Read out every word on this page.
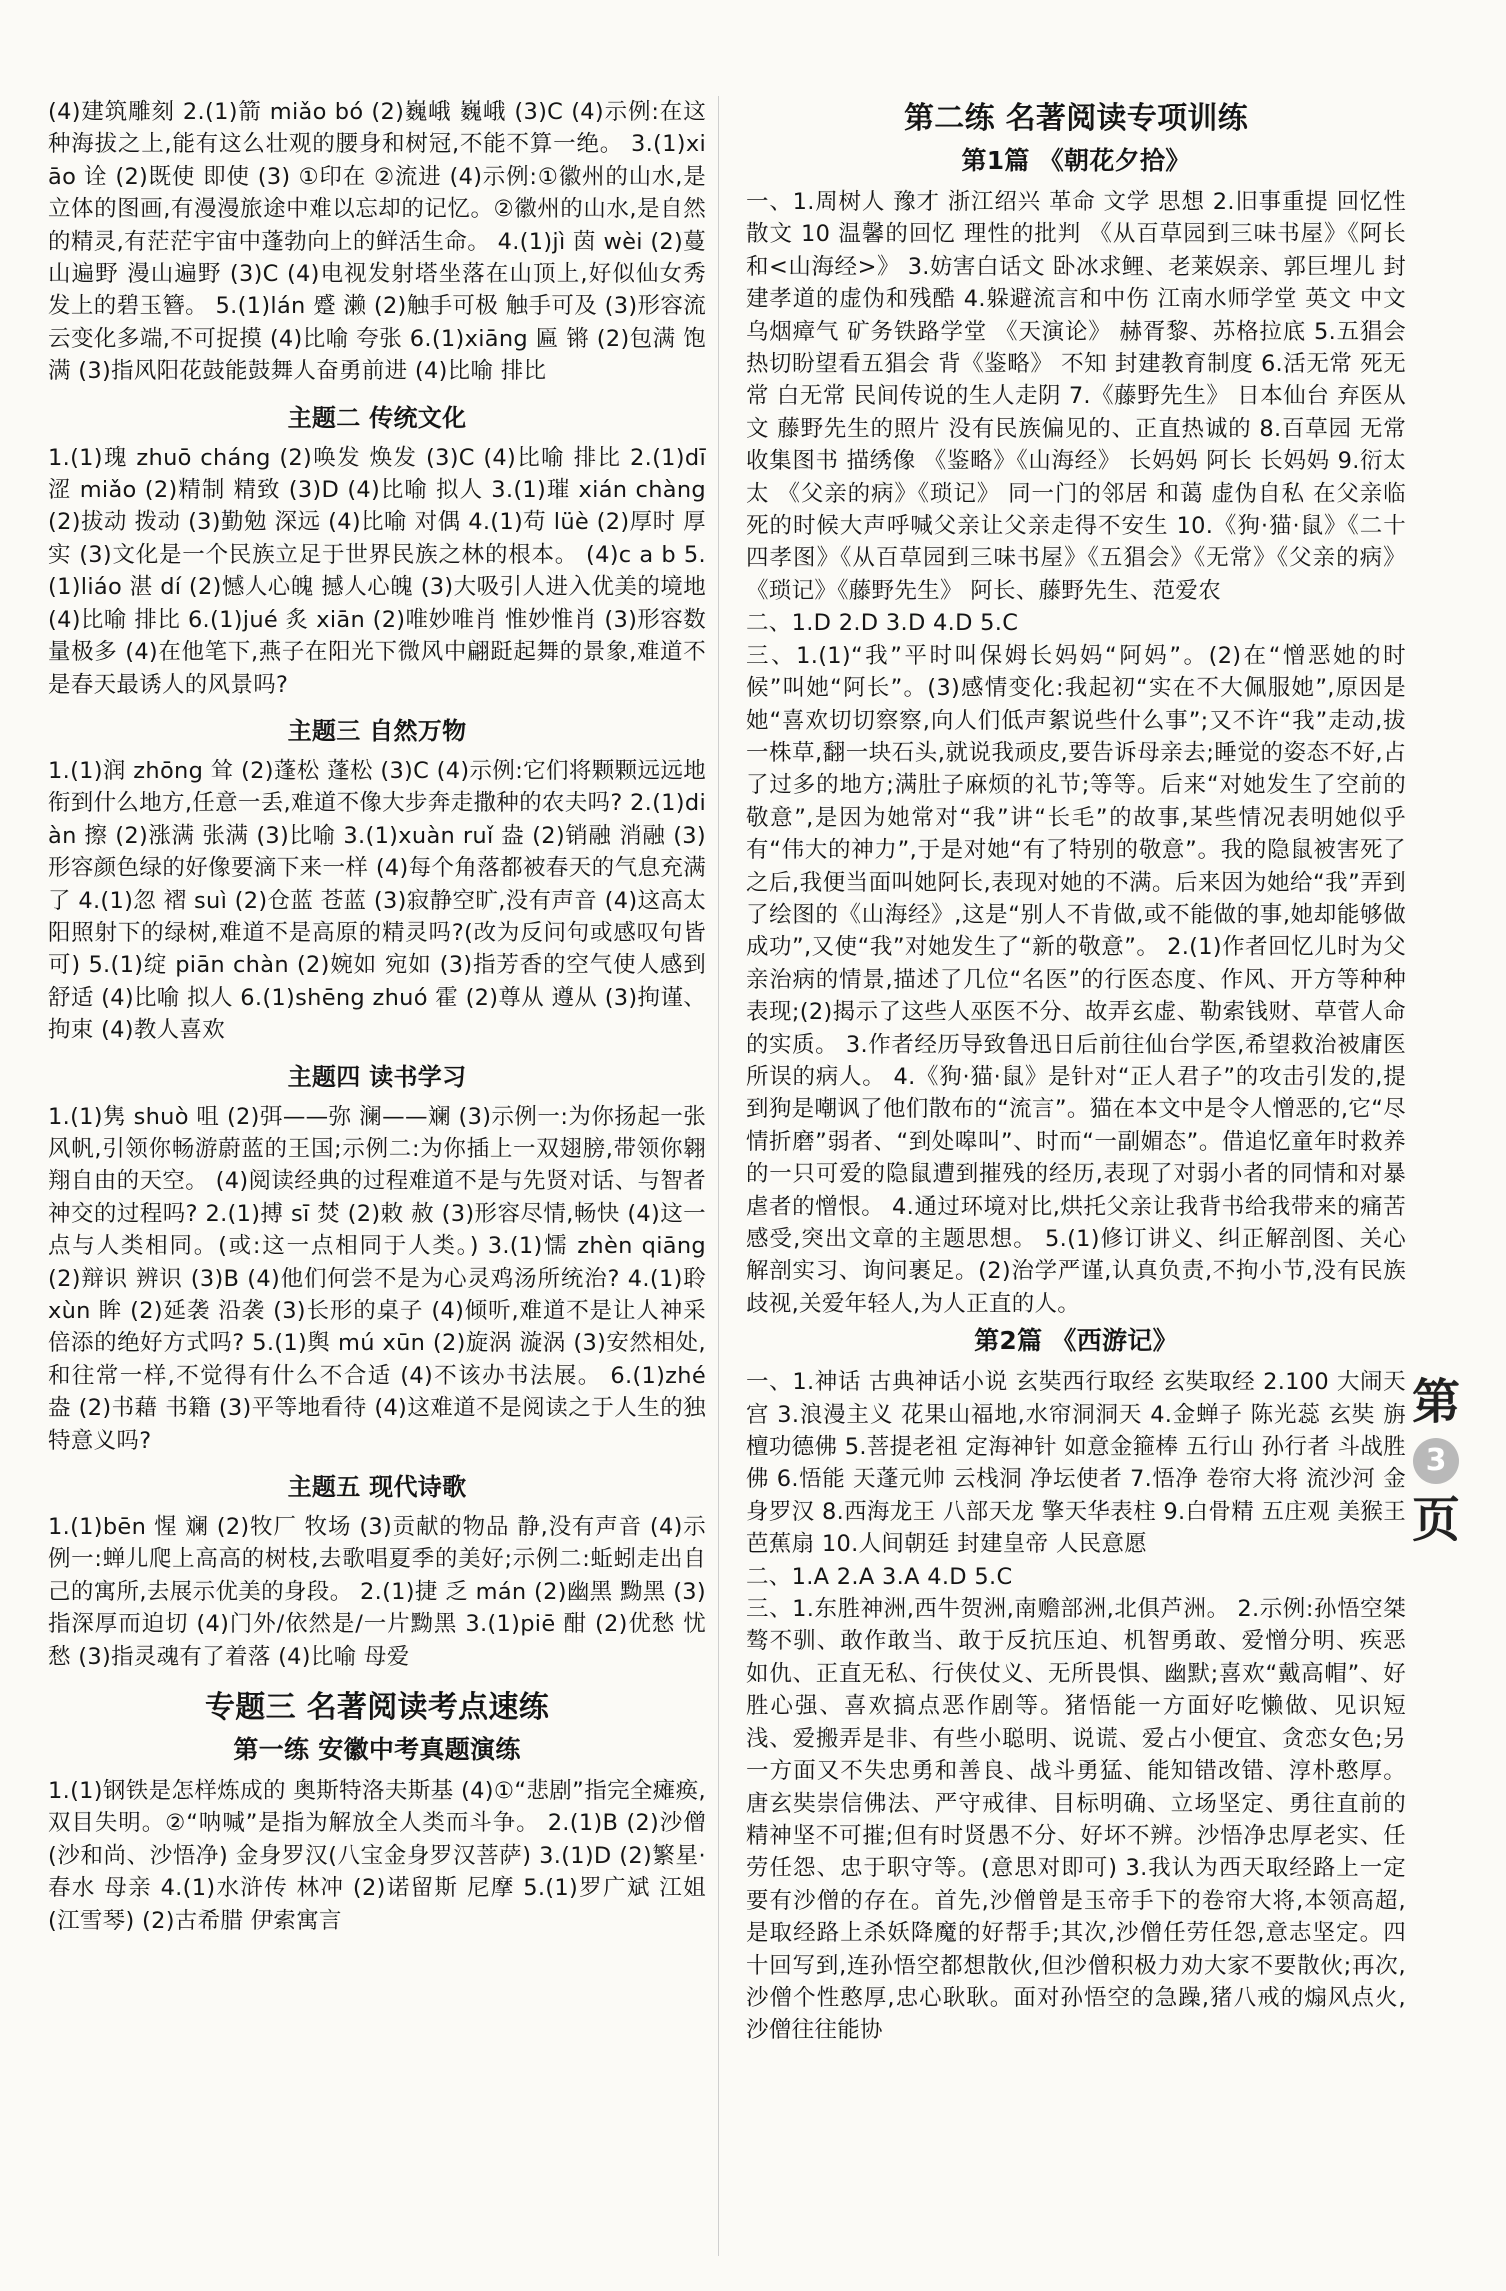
(4)建筑雕刻 2.(1)箭 miǎo bó (2)巍峨 巍峨 (3)C (4)示例:在这种海拔之上,能有这么壮观的腰身和树冠,不能不算一绝。 3.(1)xiāo 诠 (2)既使 即使 (3) ①印在 ②流进 (4)示例:①徽州的山水,是立体的图画,有漫漫旅途中难以忘却的记忆。②徽州的山水,是自然的精灵,有茫茫宇宙中蓬勃向上的鲜活生命。 4.(1)jì 茵 wèi (2)蔓山遍野 漫山遍野 (3)C (4)电视发射塔坐落在山顶上,好似仙女秀发上的碧玉簪。 5.(1)lán 蹙 濑 (2)触手可极 触手可及 (3)形容流云变化多端,不可捉摸 (4)比喻 夸张 6.(1)xiāng 匾 锵 (2)包满 饱满 (3)指风阳花鼓能鼓舞人奋勇前进 (4)比喻 排比

主题二 传统文化

1.(1)瑰 zhuō cháng (2)唤发 焕发 (3)C (4)比喻 排比 2.(1)dī 涩 miǎo (2)精制 精致 (3)D (4)比喻 拟人 3.(1)璀 xián chàng (2)拔动 拨动 (3)勤勉 深远 (4)比喻 对偶 4.(1)苟 lüè (2)厚时 厚实 (3)文化是一个民族立足于世界民族之林的根本。 (4)c a b 5.(1)liáo 湛 dí (2)憾人心魄 撼人心魄 (3)大吸引人进入优美的境地 (4)比喻 排比 6.(1)jué 炙 xiān (2)唯妙唯肖 惟妙惟肖 (3)形容数量极多 (4)在他笔下,燕子在阳光下微风中翩跹起舞的景象,难道不是春天最诱人的风景吗?

主题三 自然万物

1.(1)润 zhōng 耸 (2)蓬松 蓬松 (3)C (4)示例:它们将颗颗远远地衔到什么地方,任意一丢,难道不像大步奔走撒种的农夫吗? 2.(1)diàn 擦 (2)涨满 张满 (3)比喻 3.(1)xuàn ruǐ 盎 (2)销融 消融 (3)形容颜色绿的好像要滴下来一样 (4)每个角落都被春天的气息充满了 4.(1)忽 褶 suì (2)仓蓝 苍蓝 (3)寂静空旷,没有声音 (4)这高太阳照射下的绿树,难道不是高原的精灵吗?(改为反问句或感叹句皆可) 5.(1)绽 piān chàn (2)婉如 宛如 (3)指芳香的空气使人感到舒适 (4)比喻 拟人 6.(1)shēng zhuó 霍 (2)尊从 遵从 (3)拘谨、拘束 (4)教人喜欢

主题四 读书学习

1.(1)隽 shuò 咀 (2)弭——弥 澜——斓 (3)示例一:为你扬起一张风帆,引领你畅游蔚蓝的王国;示例二:为你插上一双翅膀,带领你翱翔自由的天空。 (4)阅读经典的过程难道不是与先贤对话、与智者神交的过程吗? 2.(1)搏 sī 焚 (2)敕 赦 (3)形容尽情,畅快 (4)这一点与人类相同。(或:这一点相同于人类。) 3.(1)懦 zhèn qiāng (2)辩识 辨识 (3)B (4)他们何尝不是为心灵鸡汤所统治? 4.(1)聆 xùn 眸 (2)延袭 沿袭 (3)长形的桌子 (4)倾听,难道不是让人神采倍添的绝好方式吗? 5.(1)舆 mú xūn (2)旋涡 漩涡 (3)安然相处,和往常一样,不觉得有什么不合适 (4)不该办书法展。 6.(1)zhé 盎 (2)书藉 书籍 (3)平等地看待 (4)这难道不是阅读之于人生的独特意义吗?

主题五 现代诗歌

1.(1)bēn 惺 斓 (2)牧厂 牧场 (3)贡献的物品 静,没有声音 (4)示例一:蝉儿爬上高高的树枝,去歌唱夏季的美好;示例二:蚯蚓走出自己的寓所,去展示优美的身段。 2.(1)捷 乏 mán (2)幽黑 黝黑 (3)指深厚而迫切 (4)门外/依然是/一片黝黑 3.(1)piē 酣 (2)优愁 忧愁 (3)指灵魂有了着落 (4)比喻 母爱

专题三 名著阅读考点速练
第一练 安徽中考真题演练

1.(1)钢铁是怎样炼成的 奥斯特洛夫斯基 (4)①“悲剧”指完全瘫痪,双目失明。②“呐喊”是指为解放全人类而斗争。 2.(1)B (2)沙僧(沙和尚、沙悟净) 金身罗汉(八宝金身罗汉菩萨) 3.(1)D (2)繁星·春水 母亲 4.(1)水浒传 林冲 (2)诺留斯 尼摩 5.(1)罗广斌 江姐(江雪琴) (2)古希腊 伊索寓言

第二练 名著阅读专项训练
第1篇 《朝花夕拾》

一、1.周树人 豫才 浙江绍兴 革命 文学 思想 2.旧事重提 回忆性散文 10 温馨的回忆 理性的批判 《从百草园到三味书屋》《阿长和<山海经>》 3.妨害白话文 卧冰求鲤、老莱娱亲、郭巨埋儿 封建孝道的虚伪和残酷 4.躲避流言和中伤 江南水师学堂 英文 中文 乌烟瘴气 矿务铁路学堂 《天演论》 赫胥黎、苏格拉底 5.五猖会 热切盼望看五猖会 背《鉴略》 不知 封建教育制度 6.活无常 死无常 白无常 民间传说的生人走阴 7.《藤野先生》 日本仙台 弃医从文 藤野先生的照片 没有民族偏见的、正直热诚的 8.百草园 无常 收集图书 描绣像 《鉴略》《山海经》 长妈妈 阿长 长妈妈 9.衍太太 《父亲的病》《琐记》 同一门的邻居 和蔼 虚伪自私 在父亲临死的时候大声呼喊父亲让父亲走得不安生 10.《狗·猫·鼠》《二十四孝图》《从百草园到三味书屋》《五猖会》《无常》《父亲的病》《琐记》《藤野先生》 阿长、藤野先生、范爱农

二、1.D 2.D 3.D 4.D 5.C

三、1.(1)“我”平时叫保姆长妈妈“阿妈”。(2)在“憎恶她的时候”叫她“阿长”。(3)感情变化:我起初“实在不大佩服她”,原因是她“喜欢切切察察,向人们低声絮说些什么事”;又不许“我”走动,拔一株草,翻一块石头,就说我顽皮,要告诉母亲去;睡觉的姿态不好,占了过多的地方;满肚子麻烦的礼节;等等。后来“对她发生了空前的敬意”,是因为她常对“我”讲“长毛”的故事,某些情况表明她似乎有“伟大的神力”,于是对她“有了特别的敬意”。我的隐鼠被害死了之后,我便当面叫她阿长,表现对她的不满。后来因为她给“我”弄到了绘图的《山海经》,这是“别人不肯做,或不能做的事,她却能够做成功”,又使“我”对她发生了“新的敬意”。 2.(1)作者回忆儿时为父亲治病的情景,描述了几位“名医”的行医态度、作风、开方等种种表现;(2)揭示了这些人巫医不分、故弄玄虚、勒索钱财、草菅人命的实质。 3.作者经历导致鲁迅日后前往仙台学医,希望救治被庸医所误的病人。 4.《狗·猫·鼠》是针对“正人君子”的攻击引发的,提到狗是嘲讽了他们散布的“流言”。猫在本文中是令人憎恶的,它“尽情折磨”弱者、“到处嗥叫”、时而“一副媚态”。借追忆童年时救养的一只可爱的隐鼠遭到摧残的经历,表现了对弱小者的同情和对暴虐者的憎恨。 4.通过环境对比,烘托父亲让我背书给我带来的痛苦感受,突出文章的主题思想。 5.(1)修订讲义、纠正解剖图、关心解剖实习、询问裹足。(2)治学严谨,认真负责,不拘小节,没有民族歧视,关爱年轻人,为人正直的人。

第2篇 《西游记》

一、1.神话 古典神话小说 玄奘西行取经 玄奘取经 2.100 大闹天宫 3.浪漫主义 花果山福地,水帘洞洞天 4.金蝉子 陈光蕊 玄奘 旃檀功德佛 5.菩提老祖 定海神针 如意金箍棒 五行山 孙行者 斗战胜佛 6.悟能 天蓬元帅 云栈洞 净坛使者 7.悟净 卷帘大将 流沙河 金身罗汉 8.西海龙王 八部天龙 擎天华表柱 9.白骨精 五庄观 美猴王 芭蕉扇 10.人间朝廷 封建皇帝 人民意愿

二、1.A 2.A 3.A 4.D 5.C

三、1.东胜神洲,西牛贺洲,南赡部洲,北俱芦洲。 2.示例:孙悟空桀骜不驯、敢作敢当、敢于反抗压迫、机智勇敢、爱憎分明、疾恶如仇、正直无私、行侠仗义、无所畏惧、幽默;喜欢“戴高帽”、好胜心强、喜欢搞点恶作剧等。猪悟能一方面好吃懒做、见识短浅、爱搬弄是非、有些小聪明、说谎、爱占小便宜、贪恋女色;另一方面又不失忠勇和善良、战斗勇猛、能知错改错、淳朴憨厚。唐玄奘崇信佛法、严守戒律、目标明确、立场坚定、勇往直前的精神坚不可摧;但有时贤愚不分、好坏不辨。沙悟净忠厚老实、任劳任怨、忠于职守等。(意思对即可) 3.我认为西天取经路上一定要有沙僧的存在。首先,沙僧曾是玉帝手下的卷帘大将,本领高超,是取经路上杀妖降魔的好帮手;其次,沙僧任劳任怨,意志坚定。四十回写到,连孙悟空都想散伙,但沙僧积极力劝大家不要散伙;再次,沙僧个性憨厚,忠心耿耿。面对孙悟空的急躁,猪八戒的煽风点火,沙僧往往能协

第
3
页
